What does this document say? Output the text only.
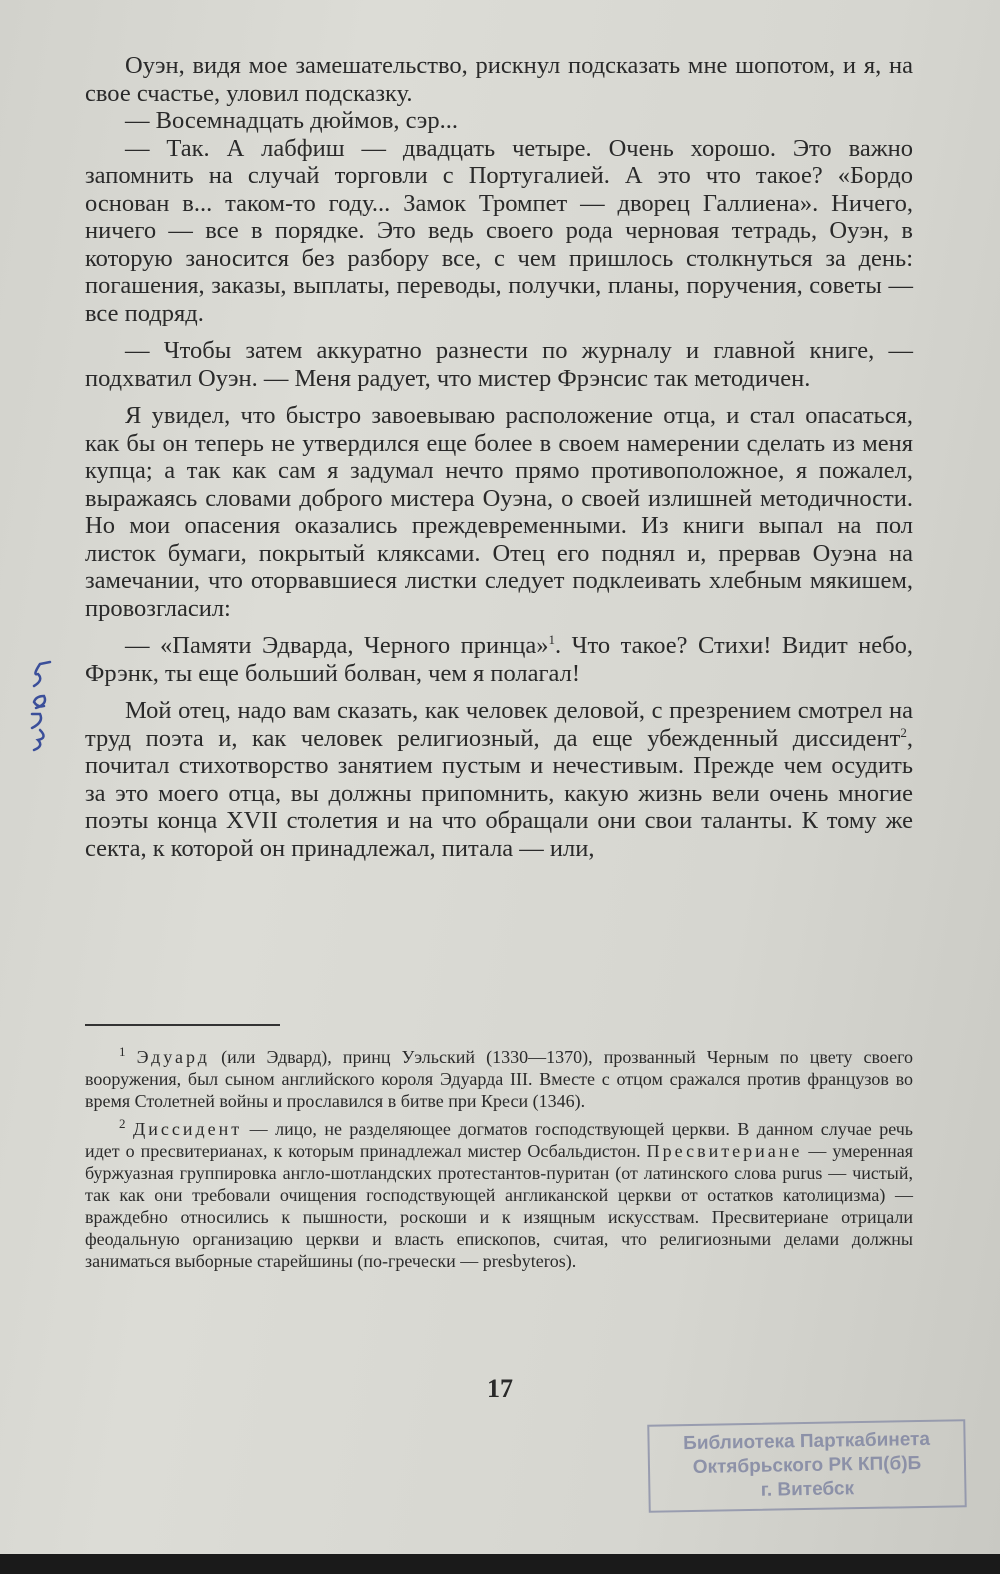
Оуэн, видя мое замешательство, рискнул подсказать мне шопотом, и я, на свое счастье, уловил подсказку.

— Восемнадцать дюймов, сэр...

— Так. А лабфиш — двадцать четыре. Очень хорошо. Это важно запомнить на случай торговли с Португалией. А это что такое? «Бордо основан в... таком-то году... Замок Тромпет — дворец Галлиена». Ничего, ничего — все в порядке. Это ведь своего рода черновая тетрадь, Оуэн, в которую заносится без разбору все, с чем пришлось столкнуться за день: погашения, заказы, выплаты, переводы, получки, планы, поручения, советы — все подряд.

— Чтобы затем аккуратно разнести по журналу и главной книге, — подхватил Оуэн. — Меня радует, что мистер Фрэнсис так методичен.

Я увидел, что быстро завоевываю расположение отца, и стал опасаться, как бы он теперь не утвердился еще более в своем намерении сделать из меня купца; а так как сам я задумал нечто прямо противоположное, я пожалел, выражаясь словами доброго мистера Оуэна, о своей излишней методичности. Но мои опасения оказались преждевременными. Из книги выпал на пол листок бумаги, покрытый кляксами. Отец его поднял и, прервав Оуэна на замечании, что оторвавшиеся листки следует подклеивать хлебным мякишем, провозгласил:

— «Памяти Эдварда, Черного принца»$^1$. Что такое? Стихи! Видит небо, Фрэнк, ты еще больший болван, чем я полагал!

Мой отец, надо вам сказать, как человек деловой, с презрением смотрел на труд поэта и, как человек религиозный, да еще убежденный диссидент$^2$, почитал стихотворство занятием пустым и нечестивым. Прежде чем осудить за это моего отца, вы должны припомнить, какую жизнь вели очень многие поэты конца XVII столетия и на что обращали они свои таланты. К тому же секта, к которой он принадлежал, питала — или,

$^1$ Эдуард (или Эдвард), принц Уэльский (1330—1370), прозванный Черным по цвету своего вооружения, был сыном английского короля Эдуарда III. Вместе с отцом сражался против французов во время Столетней войны и прославился в битве при Креси (1346).

$^2$ Диссидент — лицо, не разделяющее догматов господствующей церкви. В данном случае речь идет о пресвитерианах, к которым принадлежал мистер Осбальдистон. Пресвитериане — умеренная буржуазная группировка англо-шотландских протестантов-пуритан (от латинского слова purus — чистый, так как они требовали очищения господствующей англиканской церкви от остатков католицизма) — враждебно относились к пышности, роскоши и к изящным искусствам. Пресвитериане отрицали феодальную организацию церкви и власть епископов, считая, что религиозными делами должны заниматься выборные старейшины (по-гречески — presbyteros).

17
Библиотека Парткабинета
Октябрьского РК КП(б)Б
г. Витебск
